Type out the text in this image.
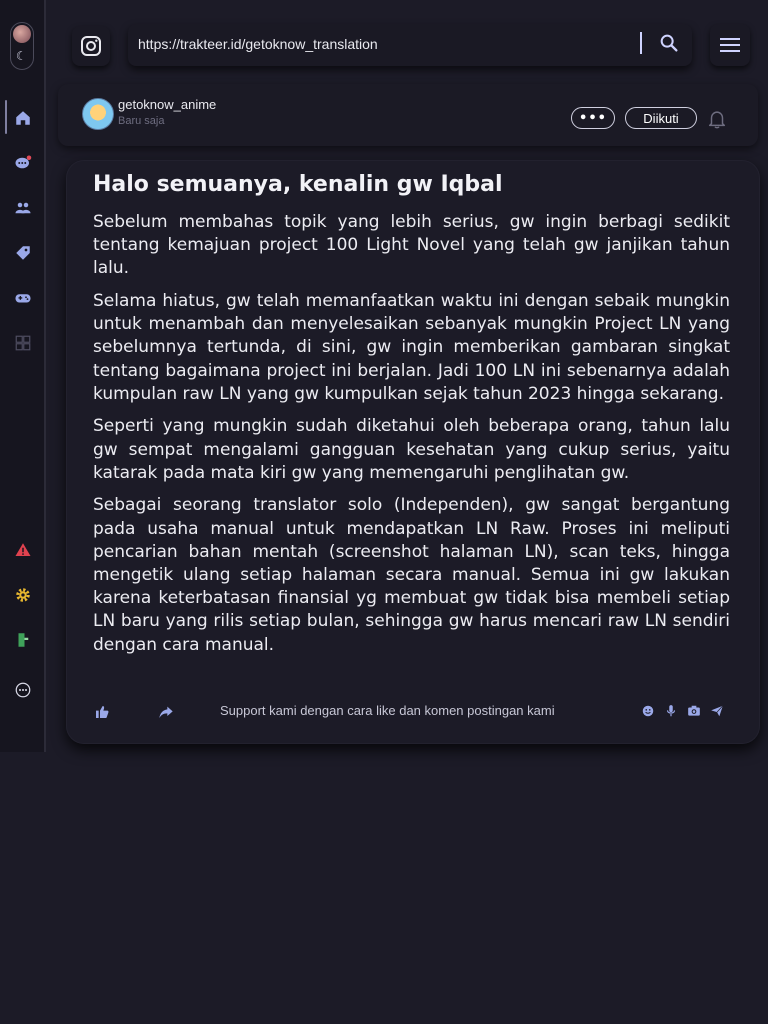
☾
https://trakteer.id/getoknow_translation
getoknow_anime
Baru saja	•••	Diikuti
Halo semuanya, kenalin gw Iqbal

Sebelum membahas topik yang lebih serius, gw ingin berbagi sedikit tentang kemajuan project 100 Light Novel yang telah gw janjikan tahun lalu.

Selama hiatus, gw telah memanfaatkan waktu ini dengan sebaik mungkin untuk menambah dan menyelesaikan sebanyak mungkin Project LN yang sebelumnya tertunda, di sini, gw ingin memberikan gambaran singkat tentang bagaimana project ini berjalan. Jadi 100 LN ini sebenarnya adalah kumpulan raw LN yang gw kumpulkan sejak tahun 2023 hingga sekarang.

Seperti yang mungkin sudah diketahui oleh beberapa orang, tahun lalu gw sempat mengalami gangguan kesehatan yang cukup serius, yaitu katarak pada mata kiri gw yang memengaruhi penglihatan gw.

Sebagai seorang translator solo (Independen), gw sangat bergantung pada usaha manual untuk mendapatkan LN Raw. Proses ini meliputi pencarian bahan mentah (screenshot halaman LN), scan teks, hingga mengetik ulang setiap halaman secara manual. Semua ini gw lakukan karena keterbatasan finansial yg membuat gw tidak bisa membeli setiap LN baru yang rilis setiap bulan, sehingga gw harus mencari raw LN sendiri dengan cara manual.

Support kami dengan cara like dan komen postingan kami
